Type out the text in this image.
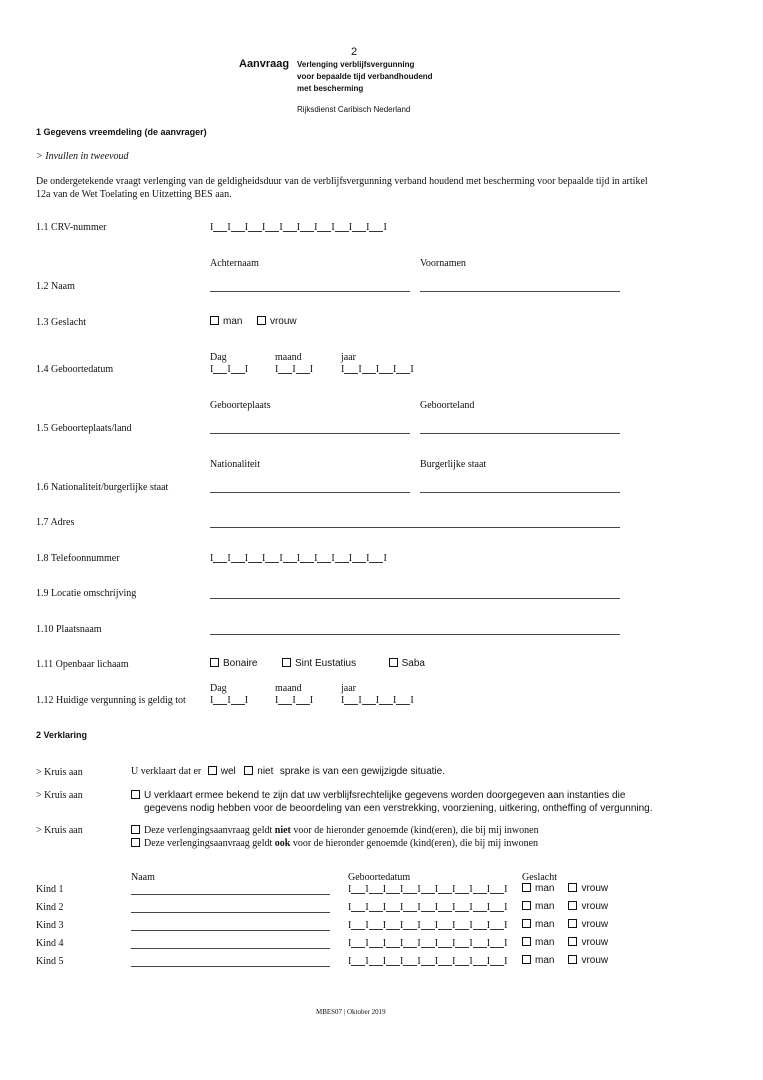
2
Aanvraag Verlenging verblijfsvergunning
voor bepaalde tijd verbandhoudend
met bescherming
Rijksdienst Caribisch Nederland
1 Gegevens vreemdeling (de aanvrager)
> Invullen in tweevoud
De ondergetekende vraagt verlenging van de geldigheidsduur van de verblijfsvergunning verband houdend met bescherming voor bepaalde tijd in artikel
12a van de Wet Toelating en Uitzetting BES aan.
1.1 CRV-nummer	I I I I I I I I I I I
Achternaam	Voornamen
1.2 Naam
1.3 Geslacht	man	vrouw
Dag	maand	jaar
1.4 Geboortedatum	I I I	I I I	I I I I I
Geboorteplaats	Geboorteland
1.5 Geboorteplaats/land
Nationaliteit	Burgerlijke staat
1.6 Nationaliteit/burgerlijke staat
1.7 Adres
1.8 Telefoonnummer	I I I I I I I I I I I
1.9 Locatie omschrijving
1.10 Plaatsnaam
1.11 Openbaar lichaam	Bonaire	Sint Eustatius	Saba
Dag	maand	jaar
1.12 Huidige vergunning is geldig tot I I I	I I I	I I I I I
2 Verklaring
> Kruis aan	U verklaart dat er wel niet sprake is van een gewijzigde situatie.
> Kruis aan	U verklaart ermee bekend te zijn dat uw verblijfsrechtelijke gegevens worden doorgegeven aan instanties die
gegevens nodig hebben voor de beoordeling van een verstrekking, voorziening, uitkering, ontheffing of vergunning.
> Kruis aan	Deze verlengingsaanvraag geldt niet voor de hieronder genoemde (kind(eren), die bij mij inwonen
Deze verlengingsaanvraag geldt ook voor de hieronder genoemde (kind(eren), die bij mij inwonen
Naam	Geboortedatum	Geslacht
Kind 1	I I I I I I I I I I	man	vrouw
Kind 2	I I I I I I I I I I	man	vrouw
Kind 3	I I I I I I I I I I	man	vrouw
Kind 4	I I I I I I I I I I	man	vrouw
Kind 5	I I I I I I I I I I	man	vrouw
MBES07 | Oktober 2019
